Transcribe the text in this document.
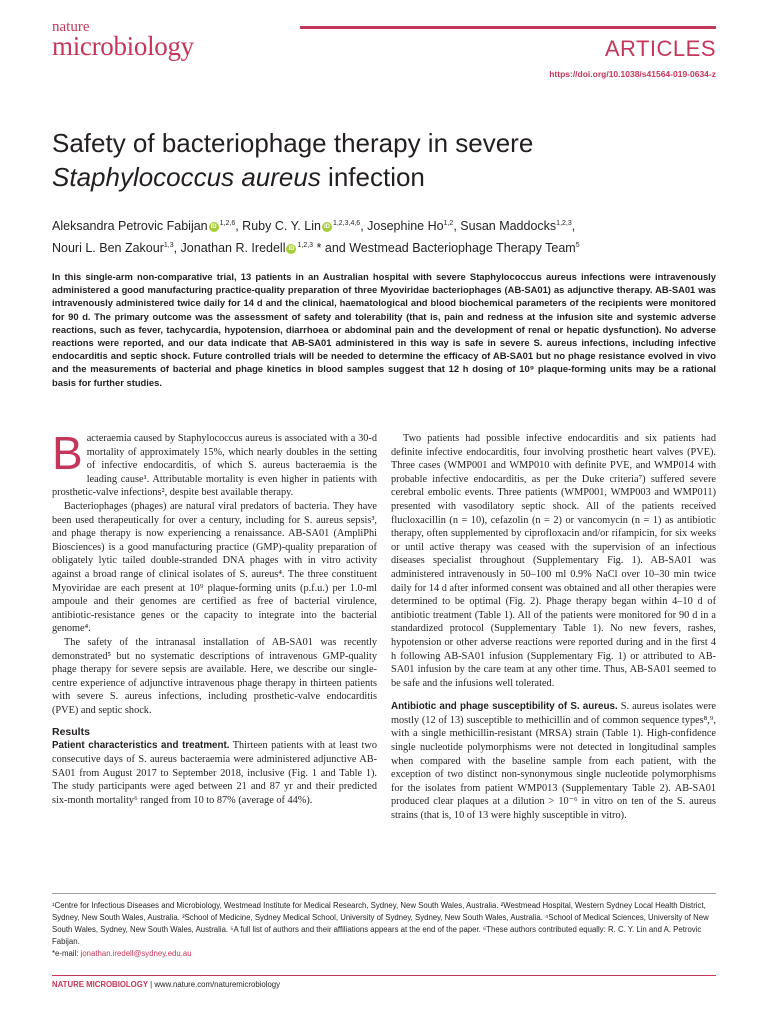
nature
microbiology	ARTICLES
https://doi.org/10.1038/s41564-019-0634-z
Safety of bacteriophage therapy in severe
Staphylococcus aureus infection
Aleksandra Petrovic Fabijan iD $^{1,2,6}$, Ruby C. Y. Lin iD $^{1,2,3,4,6}$, Josephine Ho$^{1,2}$, Susan Maddocks$^{1,2,3}$,
Nouri L. Ben Zakour$^{1,3}$, Jonathan R. Iredell iD $^{1,2,3}$ * and Westmead Bacteriophage Therapy Team$^5$

In this single-arm non-comparative trial, 13 patients in an Australian hospital with severe Staphylococcus aureus infections were intravenously administered a good manufacturing practice-quality preparation of three Myoviridae bacteriophages (AB-SA01) as adjunctive therapy. AB-SA01 was intravenously administered twice daily for 14 d and the clinical, haematological and blood biochemical parameters of the recipients were monitored for 90 d. The primary outcome was the assessment of safety and tolerability (that is, pain and redness at the infusion site and systemic adverse reactions, such as fever, tachycardia, hypotension, diarrhoea or abdominal pain and the development of renal or hepatic dysfunction). No adverse reactions were reported, and our data indicate that AB-SA01 administered in this way is safe in severe S. aureus infections, including infective endocarditis and septic shock. Future controlled trials will be needed to determine the efficacy of AB-SA01 but no phage resistance evolved in vivo and the measurements of bacterial and phage kinetics in blood samples suggest that 12 h dosing of 10⁹ plaque-forming units may be a rational basis for further studies.

Bacteraemia caused by Staphylococcus aureus is associated with a 30-d mortality of approximately 15%, which nearly doubles in the setting of infective endocarditis, of which S. aureus bacteraemia is the leading cause¹. Attributable mortality is even higher in patients with prosthetic-valve infections², despite best available therapy.

Bacteriophages (phages) are natural viral predators of bacteria. They have been used therapeutically for over a century, including for S. aureus sepsis³, and phage therapy is now experiencing a renaissance. AB-SA01 (AmpliPhi Biosciences) is a good manufacturing practice (GMP)-quality preparation of obligately lytic tailed double-stranded DNA phages with in vitro activity against a broad range of clinical isolates of S. aureus⁴. The three constituent Myoviridae are each present at 10⁹ plaque-forming units (p.f.u.) per 1.0-ml ampoule and their genomes are certified as free of bacterial virulence, antibiotic-resistance genes or the capacity to integrate into the bacterial genome⁴.

The safety of the intranasal installation of AB-SA01 was recently demonstrated⁵ but no systematic descriptions of intravenous GMP-quality phage therapy for severe sepsis are available. Here, we describe our single-centre experience of adjunctive intravenous phage therapy in thirteen patients with severe S. aureus infections, including prosthetic-valve endocarditis (PVE) and septic shock.

Results

Patient characteristics and treatment. Thirteen patients with at least two consecutive days of S. aureus bacteraemia were administered adjunctive AB-SA01 from August 2017 to September 2018, inclusive (Fig. 1 and Table 1). The study participants were aged between 21 and 87 yr and their predicted six-month mortality⁶ ranged from 10 to 87% (average of 44%).

Two patients had possible infective endocarditis and six patients had definite infective endocarditis, four involving prosthetic heart valves (PVE). Three cases (WMP001 and WMP010 with definite PVE, and WMP014 with probable infective endocarditis, as per the Duke criteria⁷) suffered severe cerebral embolic events. Three patients (WMP001, WMP003 and WMP011) presented with vasodilatory septic shock. All of the patients received flucloxacillin (n = 10), cefazolin (n = 2) or vancomycin (n = 1) as antibiotic therapy, often supplemented by ciprofloxacin and/or rifampicin, for six weeks or until active therapy was ceased with the supervision of an infectious diseases specialist throughout (Supplementary Fig. 1). AB-SA01 was administered intravenously in 50–100 ml 0.9% NaCl over 10–30 min twice daily for 14 d after informed consent was obtained and all other therapies were determined to be optimal (Fig. 2). Phage therapy began within 4–10 d of antibiotic treatment (Table 1). All of the patients were monitored for 90 d in a standardized protocol (Supplementary Table 1). No new fevers, rashes, hypotension or other adverse reactions were reported during and in the first 4 h following AB-SA01 infusion (Supplementary Fig. 1) or attributed to AB-SA01 infusion by the care team at any other time. Thus, AB-SA01 seemed to be safe and the infusions well tolerated.

Antibiotic and phage susceptibility of S. aureus. S. aureus isolates were mostly (12 of 13) susceptible to methicillin and of common sequence types⁸,⁹, with a single methicillin-resistant (MRSA) strain (Table 1). High-confidence single nucleotide polymorphisms were not detected in longitudinal samples when compared with the baseline sample from each patient, with the exception of two distinct non-synonymous single nucleotide polymorphisms for the isolates from patient WMP013 (Supplementary Table 2). AB-SA01 produced clear plaques at a dilution > 10⁻⁶ in vitro on ten of the S. aureus strains (that is, 10 of 13 were highly susceptible in vitro).

¹Centre for Infectious Diseases and Microbiology, Westmead Institute for Medical Research, Sydney, New South Wales, Australia. ²Westmead Hospital, Western Sydney Local Health District, Sydney, New South Wales, Australia. ³School of Medicine, Sydney Medical School, University of Sydney, Sydney, New South Wales, Australia. ⁴School of Medical Sciences, University of New South Wales, Sydney, New South Wales, Australia. ⁵A full list of authors and their affiliations appears at the end of the paper. ⁶These authors contributed equally: R. C. Y. Lin and A. Petrovic Fabijan.
*e-mail: jonathan.iredell@sydney.edu.au
NATURE MICROBIOLOGY | www.nature.com/naturemicrobiology
